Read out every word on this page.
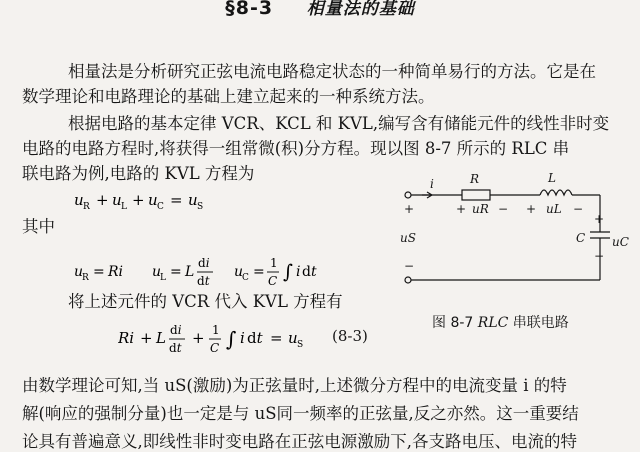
§8-3 相量法的基础
相量法是分析研究正弦电流电路稳定状态的一种简单易行的方法。它是在
数学理论和电路理论的基础上建立起来的一种系统方法。
根据电路的基本定律 VCR、KCL 和 KVL,编写含有储能元件的线性非时变
电路的电路方程时,将获得一组常微(积)分方程。现以图 8-7 所示的 RLC 串
联电路为例,电路的 KVL 方程为
u R + u L + u C = u S
其中
u
R = Ri u
L = L
di
dt
u
C =
1
C ∫ i dt
将上述元件的 VCR 代入 KVL 方程有
Ri + L di
dt
+ 1
C ∫ i dt = u S (8-3)
i	R	L
C
+	+ uR − + uL −
+
uC
−
uS
−
图 8-7 RLC 串联电路
由数学理论可知,当 uS(激励)为正弦量时,上述微分方程中的电流变量 i 的特
解(响应的强制分量)也一定是与 uS同一频率的正弦量,反之亦然。这一重要结
论具有普遍意义,即线性非时变电路在正弦电源激励下,各支路电压、电流的特
